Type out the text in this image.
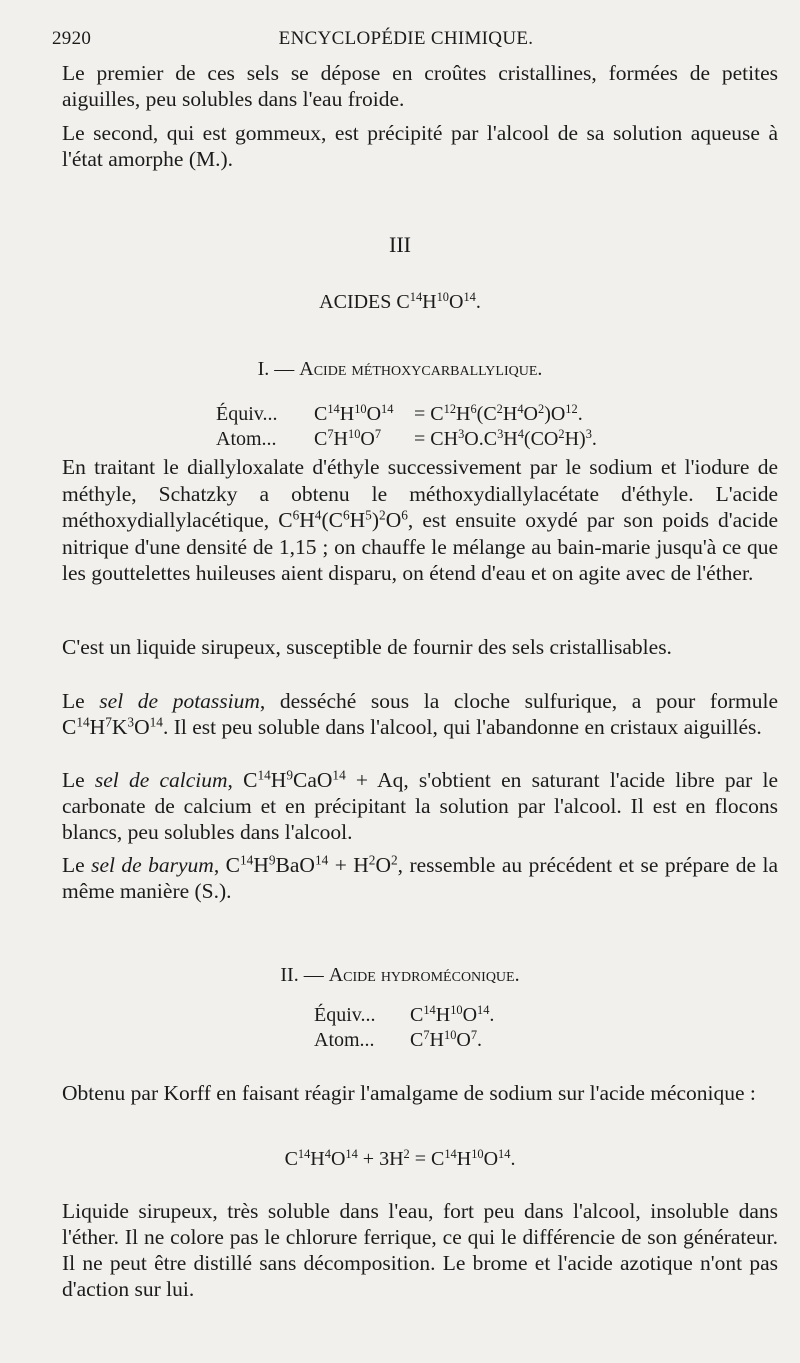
2920	ENCYCLOPÉDIE CHIMIQUE.

Le premier de ces sels se dépose en croûtes cristallines, formées de petites aiguilles, peu solubles dans l'eau froide.

Le second, qui est gommeux, est précipité par l'alcool de sa solution aqueuse à l'état amorphe (M.).

III

ACIDES $C^{14}H^{10}O^{14}$.

I. — Acide méthoxycarballylique.

Équiv... $C^{14}H^{10}O^{14} = C^{12}H^6(C^2H^4O^2)O^{12}$.
Atom... $C^7H^{10}O^7 = CH^3O.C^3H^4(CO^2H)^3$.

En traitant le diallyloxalate d'éthyle successivement par le sodium et l'iodure de méthyle, Schatzky a obtenu le méthoxydiallylacétate d'éthyle. L'acide méthoxydiallylacétique, $C^6H^4(C^6H^5)^2O^6$, est ensuite oxydé par son poids d'acide nitrique d'une densité de 1,15 ; on chauffe le mélange au bain-marie jusqu'à ce que les gouttelettes huileuses aient disparu, on étend d'eau et on agite avec de l'éther.

C'est un liquide sirupeux, susceptible de fournir des sels cristallisables.

Le sel de potassium, desséché sous la cloche sulfurique, a pour formule $C^{14}H^7K^3O^{14}$. Il est peu soluble dans l'alcool, qui l'abandonne en cristaux aiguillés.

Le sel de calcium, $C^{14}H^9CaO^{14} + Aq$, s'obtient en saturant l'acide libre par le carbonate de calcium et en précipitant la solution par l'alcool. Il est en flocons blancs, peu solubles dans l'alcool.

Le sel de baryum, $C^{14}H^9BaO^{14} + H^2O^2$, ressemble au précédent et se prépare de la même manière (S.).

II. — Acide hydroméconique.

Équiv... $C^{14}H^{10}O^{14}$.
Atom... $C^7H^{10}O^7$.

Obtenu par Korff en faisant réagir l'amalgame de sodium sur l'acide méconique :

$C^{14}H^4O^{14} + 3H^2 = C^{14}H^{10}O^{14}$.

Liquide sirupeux, très soluble dans l'eau, fort peu dans l'alcool, insoluble dans l'éther. Il ne colore pas le chlorure ferrique, ce qui le différencie de son générateur. Il ne peut être distillé sans décomposition. Le brome et l'acide azotique n'ont pas d'action sur lui.
